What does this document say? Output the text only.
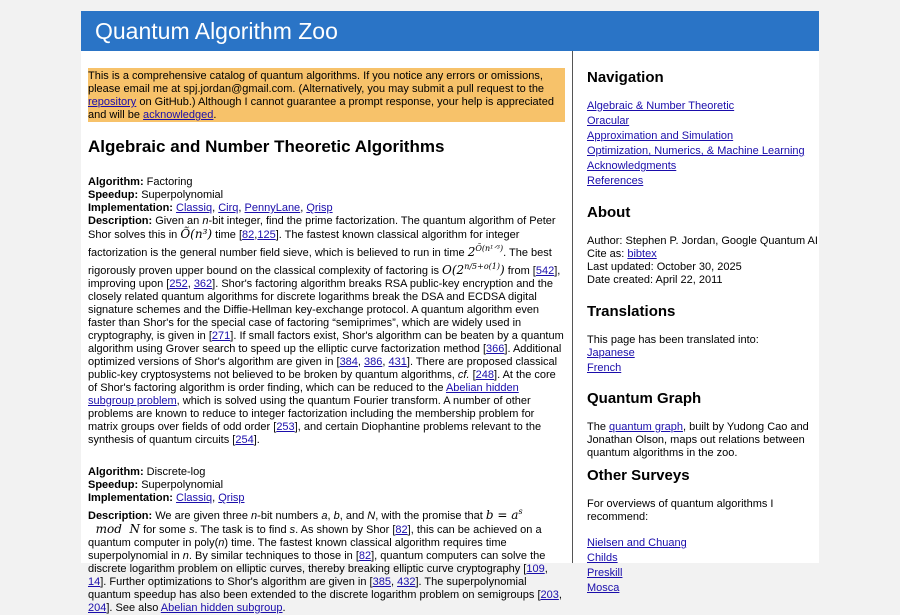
Quantum Algorithm Zoo
This is a comprehensive catalog of quantum algorithms. If you notice any errors or omissions, please email me at spj.jordan@gmail.com. (Alternatively, you may submit a pull request to the repository on GitHub.) Although I cannot guarantee a prompt response, your help is appreciated and will be acknowledged.
Algebraic and Number Theoretic Algorithms
Algorithm: Factoring
Speedup: Superpolynomial
Implementation: Classiq, Cirq, PennyLane, Qrisp
Description: Given an n-bit integer, find the prime factorization. The quantum algorithm of Peter Shor solves this in Õ(n³) time [82,125]. The fastest known classical algorithm for integer factorization is the general number field sieve, which is believed to run in time $2^{Õ(n^1ᐟ^3)}$. The best rigorously proven upper bound on the classical complexity of factoring is $O(2^{n/5+o(1)})$ from [542], improving upon [252, 362]. Shor's factoring algorithm breaks RSA public-key encryption and the closely related quantum algorithms for discrete logarithms break the DSA and ECDSA digital signature schemes and the Diffie-Hellman key-exchange protocol. A quantum algorithm even faster than Shor's for the special case of factoring “semiprimes”, which are widely used in cryptography, is given in [271]. If small factors exist, Shor's algorithm can be beaten by a quantum algorithm using Grover search to speed up the elliptic curve factorization method [366]. Additional optimized versions of Shor's algorithm are given in [384, 386, 431]. There are proposed classical public-key cryptosystems not believed to be broken by quantum algorithms, cf. [248]. At the core of Shor's factoring algorithm is order finding, which can be reduced to the Abelian hidden subgroup problem, which is solved using the quantum Fourier transform. A number of other problems are known to reduce to integer factorization including the membership problem for matrix groups over fields of odd order [253], and certain Diophantine problems relevant to the synthesis of quantum circuits [254].
Algorithm: Discrete-log
Speedup: Superpolynomial
Implementation: Classiq, Qrisp
Description: We are given three n-bit numbers a, b, and N, with the promise that $b = a^s$  mod  N for some s. The task is to find s. As shown by Shor [82], this can be achieved on a quantum computer in poly(n) time. The fastest known classical algorithm requires time superpolynomial in n. By similar techniques to those in [82], quantum computers can solve the discrete logarithm problem on elliptic curves, thereby breaking elliptic curve cryptography [109, 14]. Further optimizations to Shor's algorithm are given in [385, 432]. The superpolynomial quantum speedup has also been extended to the discrete logarithm problem on semigroups [203, 204]. See also Abelian hidden subgroup.
Navigation
Algebraic & Number Theoretic
Oracular
Approximation and Simulation
Optimization, Numerics, & Machine Learning
Acknowledgments
References
About
Author: Stephen P. Jordan, Google Quantum AI
Cite as: bibtex
Last updated: October 30, 2025
Date created: April 22, 2011
Translations
This page has been translated into:
Japanese
French
Quantum Graph
The quantum graph, built by Yudong Cao and Jonathan Olson, maps out relations between quantum algorithms in the zoo.
Other Surveys
For overviews of quantum algorithms I recommend:
Nielsen and Chuang
Childs
Preskill
Mosca
